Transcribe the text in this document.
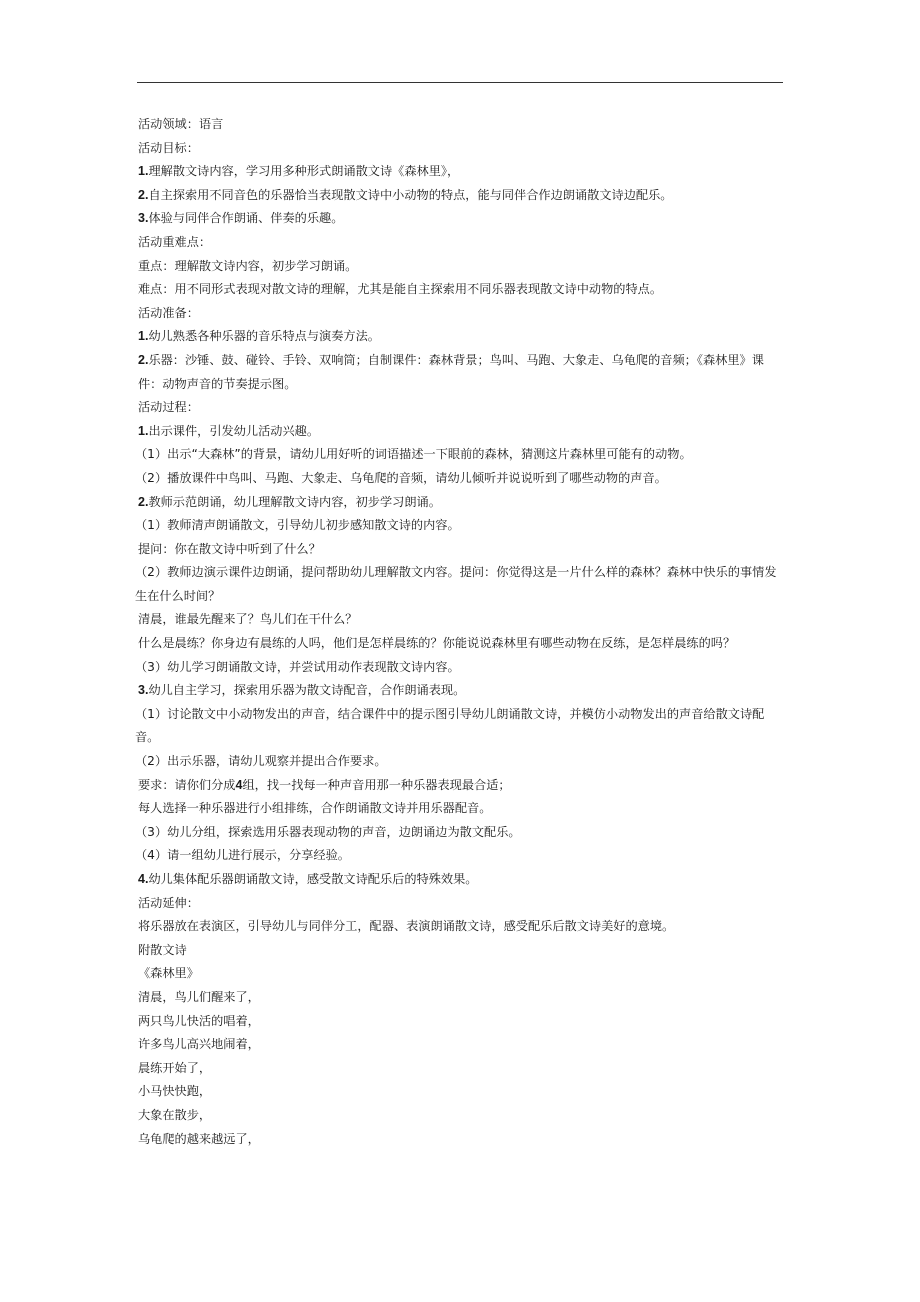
活动领域：语言
活动目标：
1.理解散文诗内容，学习用多种形式朗诵散文诗《森林里》，
2.自主探索用不同音色的乐器恰当表现散文诗中小动物的特点，能与同伴合作边朗诵散文诗边配乐。
3.体验与同伴合作朗诵、伴奏的乐趣。
活动重难点：
重点：理解散文诗内容，初步学习朗诵。
难点：用不同形式表现对散文诗的理解，尤其是能自主探索用不同乐器表现散文诗中动物的特点。
活动准备：
1.幼儿熟悉各种乐器的音乐特点与演奏方法。
2.乐器：沙锤、鼓、碰铃、手铃、双响筒；自制课件：森林背景；鸟叫、马跑、大象走、乌龟爬的音频；《森林里》课件：动物声音的节奏提示图。
活动过程：
1.出示课件，引发幼儿活动兴趣。
（1）出示“大森林”的背景，请幼儿用好听的词语描述一下眼前的森林，猜测这片森林里可能有的动物。
（2）播放课件中鸟叫、马跑、大象走、乌龟爬的音频，请幼儿倾听并说说听到了哪些动物的声音。
2.教师示范朗诵，幼儿理解散文诗内容，初步学习朗诵。
（1）教师清声朗诵散文，引导幼儿初步感知散文诗的内容。
提问：你在散文诗中听到了什么？
（2）教师边演示课件边朗诵，提问帮助幼儿理解散文内容。提问：你觉得这是一片什么样的森林？森林中快乐的事情发生在什么时间？
清晨，谁最先醒来了？鸟儿们在干什么？
什么是晨练？你身边有晨练的人吗，他们是怎样晨练的？你能说说森林里有哪些动物在反练，是怎样晨练的吗？
（3）幼儿学习朗诵散文诗，并尝试用动作表现散文诗内容。
3.幼儿自主学习，探索用乐器为散文诗配音，合作朗诵表现。
（1）讨论散文中小动物发出的声音，结合课件中的提示图引导幼儿朗诵散文诗，并模仿小动物发出的声音给散文诗配音。
（2）出示乐器，请幼儿观察并提出合作要求。
要求：请你们分成4组，找一找每一种声音用那一种乐器表现最合适；
每人选择一种乐器进行小组排练，合作朗诵散文诗并用乐器配音。
（3）幼儿分组，探索选用乐器表现动物的声音，边朗诵边为散文配乐。
（4）请一组幼儿进行展示，分享经验。
4.幼儿集体配乐器朗诵散文诗，感受散文诗配乐后的特殊效果。
活动延伸：
将乐器放在表演区，引导幼儿与同伴分工，配器、表演朗诵散文诗，感受配乐后散文诗美好的意境。
附散文诗
《森林里》
清晨，鸟儿们醒来了，
两只鸟儿快活的唱着，
许多鸟儿高兴地闹着，
晨练开始了，
小马快快跑，
大象在散步，
乌龟爬的越来越远了，
